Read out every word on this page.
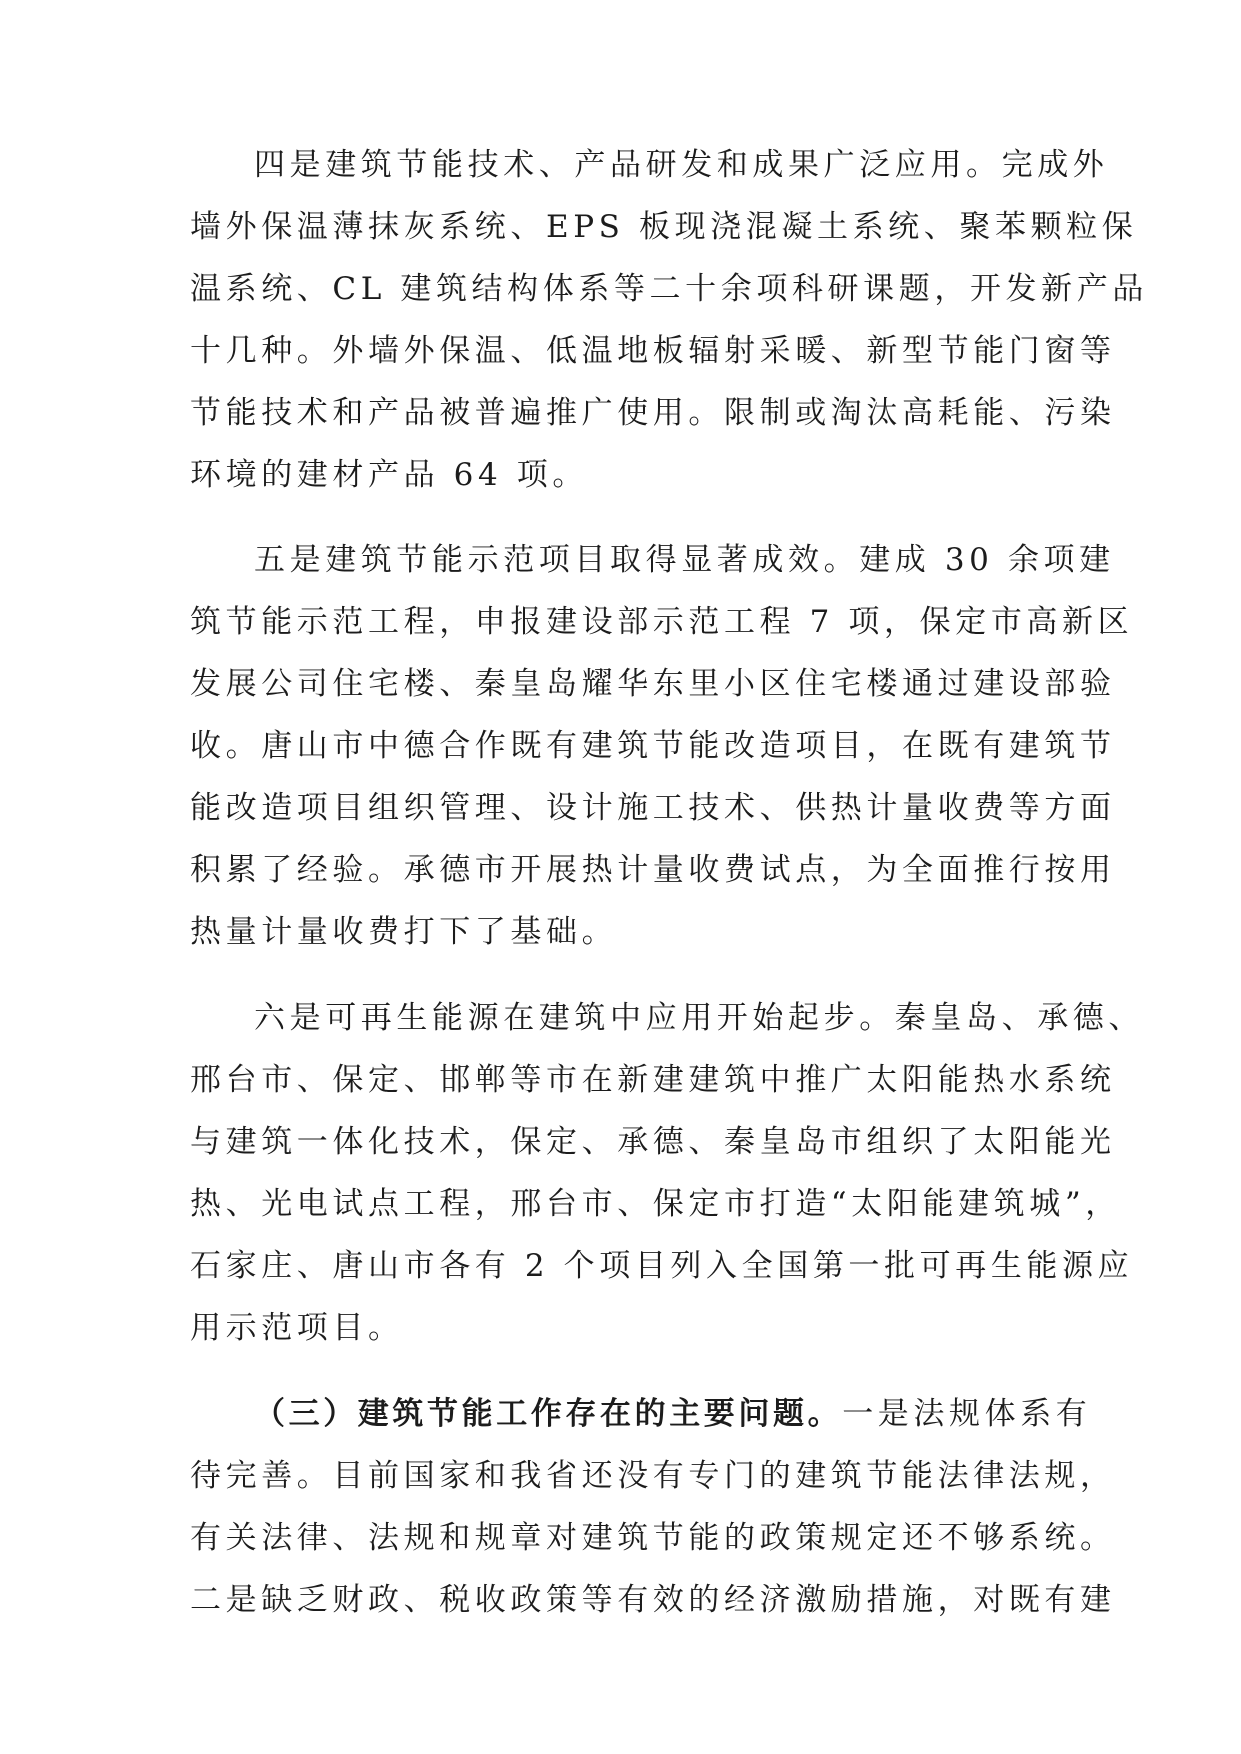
四是建筑节能技术、产品研发和成果广泛应用。完成外
墙外保温薄抹灰系统、EPS 板现浇混凝土系统、聚苯颗粒保
温系统、CL 建筑结构体系等二十余项科研课题，开发新产品
十几种。外墙外保温、低温地板辐射采暖、新型节能门窗等
节能技术和产品被普遍推广使用。限制或淘汰高耗能、污染
环境的建材产品 64 项。
五是建筑节能示范项目取得显著成效。建成 30 余项建
筑节能示范工程，申报建设部示范工程 7 项，保定市高新区
发展公司住宅楼、秦皇岛耀华东里小区住宅楼通过建设部验
收。唐山市中德合作既有建筑节能改造项目，在既有建筑节
能改造项目组织管理、设计施工技术、供热计量收费等方面
积累了经验。承德市开展热计量收费试点，为全面推行按用
热量计量收费打下了基础。
六是可再生能源在建筑中应用开始起步。秦皇岛、承德、
邢台市、保定、邯郸等市在新建建筑中推广太阳能热水系统
与建筑一体化技术，保定、承德、秦皇岛市组织了太阳能光
热、光电试点工程，邢台市、保定市打造“太阳能建筑城”，
石家庄、唐山市各有 2 个项目列入全国第一批可再生能源应
用示范项目。
（三）建筑节能工作存在的主要问题。一是法规体系有
待完善。目前国家和我省还没有专门的建筑节能法律法规，
有关法律、法规和规章对建筑节能的政策规定还不够系统。
二是缺乏财政、税收政策等有效的经济激励措施，对既有建
